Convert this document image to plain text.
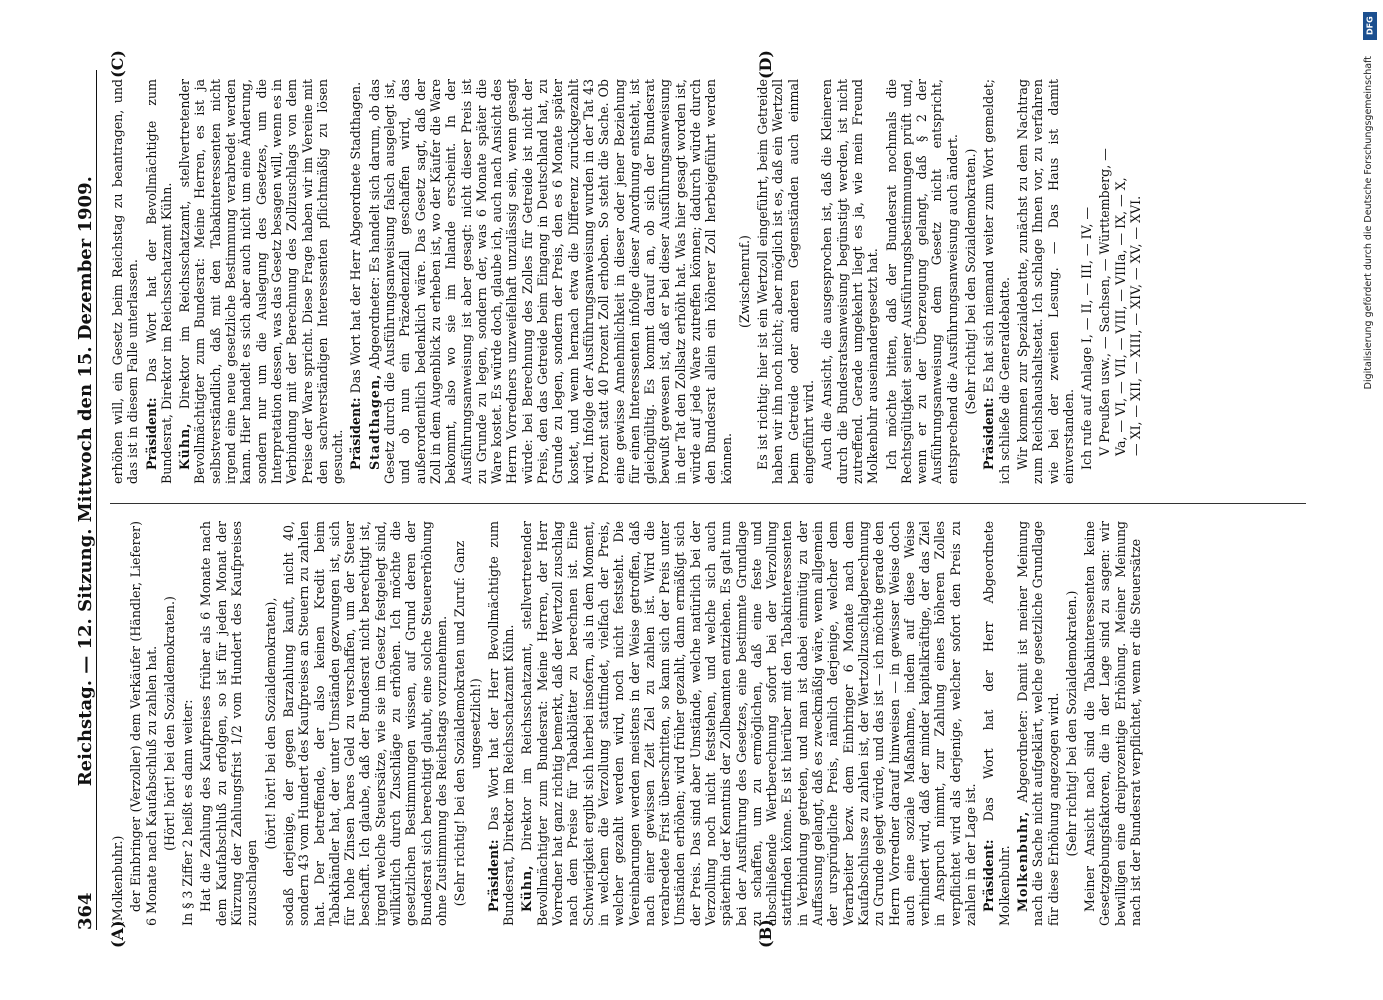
DFG
Digitalisierung gefördert durch die Deutsche Forschungsgemeinschaft
364
Reichstag. — 12. Sitzung. Mittwoch den 15. Dezember 1909.
(A)	(B)
(C)	(D)

(Molkenbuhr.) der Einbringer (Verzoller) dem Verkäufer (Händler, Lieferer) 6 Monate nach Kaufabschluß zu zahlen hat. (Hört! hört! bei den Sozialdemokraten.) In § 3 Ziffer 2 heißt es dann weiter: Hat die Zahlung des Kaufpreises früher als 6 Monate nach dem Kaufabschluß zu erfolgen, so ist für jeden Monat der Kürzung der Zahlungsfrist 1/2 vom Hundert des Kaufpreises zuzuschlagen

(hört! hört! bei den Sozialdemokraten), sodaß derjenige, der gegen Barzahlung kauft, nicht 40, sondern 43 vom Hundert des Kaufpreises an Steuern zu zahlen hat. Der betreffende, der also keinen Kredit beim Tabakhändler hat, der unter Umständen gezwungen ist, sich für hohe Zinsen bares Geld zu verschaffen, um der Steuer beschafft. Ich glaube, daß der Bundesrat nicht berechtigt ist, irgend welche Steuersätze, wie sie im Gesetz festgelegt sind, willkürlich durch Zuschläge zu erhöhen. Ich möchte die gesetzlichen Bestimmungen wissen, auf Grund deren der Bundesrat sich berechtigt glaubt, eine solche Steuererhöhung ohne Zustimmung des Reichstags vorzunehmen. (Sehr richtig! bei den Sozialdemokraten und Zuruf: Ganz ungesetzlich!)

Präsident: Das Wort hat der Herr Bevollmächtigte zum Bundesrat, Direktor im Reichsschatzamt Kühn. Kühn, Direktor im Reichsschatzamt, stellvertretender Bevollmächtigter zum Bundesrat: Meine Herren, der Herr Vorredner hat ganz richtig bemerkt, daß der Wertzoll zuschlag nach dem Preise für Tabakblätter zu berechnen ist. Eine Schwierigkeit ergibt sich hierbei insofern, als in dem Moment, in welchem die Verzollung stattfindet, vielfach der Preis, welcher gezahlt werden wird, noch nicht feststeht. Die Vereinbarungen werden meistens in der Weise getroffen, daß nach einer gewissen Zeit Ziel zu zahlen ist. Wird die verabredete Frist überschritten, so kann sich der Preis unter Umständen erhöhen; wird früher gezahlt, dann ermäßigt sich der Preis. Das sind aber Umstände, welche natürlich bei der Verzollung noch nicht feststehen, und welche sich auch späterhin der Kenntnis der Zollbeamten entziehen. Es galt nun bei der Ausführung des Gesetzes, eine bestimmte Grundlage zu schaffen, um zu ermöglichen, daß eine feste und abschließende Wertberechnung sofort bei der Verzollung stattfinden könne. Es ist hierüber mit den Tabakinteressenten in Verbindung getreten, und man ist dabei einmütig zu der Auffassung gelangt, daß es zweckmäßig wäre, wenn allgemein der ursprüngliche Preis, nämlich derjenige, welcher dem Verarbeiter bezw. dem Einbringer 6 Monate nach dem Kaufabschlusse zu zahlen ist, der Wertzollzuschlagberechnung zu Grunde gelegt würde, und das ist — ich möchte gerade den Herrn Vorredner darauf hinweisen — in gewisser Weise doch auch eine soziale Maßnahme, indem auf diese Weise verhindert wird, daß der minder kapitalkräftige, der das Ziel in Anspruch nimmt, zur Zahlung eines höheren Zolles verpflichtet wird als derjenige, welcher sofort den Preis zu zahlen in der Lage ist. Präsident: Das Wort hat der Herr Abgeordnete Molkenbuhr. Molkenbuhr, Abgeordneter: Damit ist meiner Meinung nach die Sache nicht aufgeklärt, welche gesetzliche Grundlage für diese Erhöhung angezogen wird. (Sehr richtig! bei den Sozialdemokraten.) Meiner Ansicht nach sind die Tabakinteressenten keine Gesetzgebungsfaktoren, die in der Lage sind zu sagen: wir bewilligen eine dreiprozentige Erhöhung. Meiner Meinung nach ist der Bundesrat verpflichtet, wenn er die Steuersätze

erhöhen will, ein Gesetz beim Reichstag zu beantragen, und das ist in diesem Falle unterlassen. Präsident: Das Wort hat der Bevollmächtigte zum Bundesrat, Direktor im Reichsschatzamt Kühn. Kühn, Direktor im Reichsschatzamt, stellvertretender Bevollmächtigter zum Bundesrat: Meine Herren, es ist ja selbstverständlich, daß mit den Tabakinteressenten nicht irgend eine neue gesetzliche Bestimmung verabredet werden kann. Hier handelt es sich aber auch nicht um eine Änderung, sondern nur um die Auslegung des Gesetzes, um die Interpretation dessen, was das Gesetz besagen will, wenn es in Verbindung mit der Berechnung des Zollzuschlags von dem Preise der Ware spricht. Diese Frage haben wir im Vereine mit den sachverständigen Interessenten pflichtmäßig zu lösen gesucht. Präsident: Das Wort hat der Herr Abgeordnete Stadthagen.

Stadthagen, Abgeordneter: Es handelt sich darum, ob das Gesetz durch die Ausführungsanweisung falsch ausgelegt ist, und ob nun ein Präzedenzfall geschaffen wird, das außerordentlich bedenklich wäre. Das Gesetz sagt, daß der Zoll in dem Augenblick zu erheben ist, wo der Käufer die Ware bekommt, also wo sie im Inlande erscheint. In der Ausführungsanweisung ist aber gesagt: nicht dieser Preis ist zu Grunde zu legen, sondern der, was 6 Monate später die Ware kostet. Es würde doch, glaube ich, auch nach Ansicht des Herrn Vorredners unzweifelhaft unzulässig sein, wenn gesagt würde: bei Berechnung des Zolles für Getreide ist nicht der Preis, den das Getreide beim Eingang in Deutschland hat, zu Grunde zu legen, sondern der Preis, den es 6 Monate später kostet, und wenn hernach etwa die Differenz zurückgezahlt wird. Infolge der Ausführungsanweisung wurden in der Tat 43 Prozent statt 40 Prozent Zoll erhoben. So steht die Sache. Ob eine gewisse Annehmlichkeit in dieser oder jener Beziehung für einen Interessenten infolge dieser Anordnung entsteht, ist gleichgültig. Es kommt darauf an, ob sich der Bundesrat bewußt gewesen ist, daß er bei dieser Ausführungsanweisung in der Tat den Zollsatz erhöht hat. Was hier gesagt worden ist, würde auf jede Ware zutreffen können; dadurch würde durch den Bundesrat allein ein höherer Zoll herbeigeführt werden können.

(Zwischenruf.) Es ist richtig: hier ist ein Wertzoll eingeführt, beim Getreide haben wir ihn noch nicht; aber möglich ist es, daß ein Wertzoll beim Getreide oder anderen Gegenständen auch einmal eingeführt wird. Auch die Ansicht, die ausgesprochen ist, daß die Kleineren durch die Bundesratsanweisung begünstigt werden, ist nicht zutreffend. Gerade umgekehrt liegt es ja, wie mein Freund Molkenbuhr auseinandergesetzt hat. Ich möchte bitten, daß der Bundesrat nochmals die Rechtsgültigkeit seiner Ausführungsbestimmungen prüft und, wenn er zu der Überzeugung gelangt, daß § 2 der Ausführungsanweisung dem Gesetz nicht entspricht, entsprechend die Ausführungsanweisung auch ändert. (Sehr richtig! bei den Sozialdemokraten.)

Präsident: Es hat sich niemand weiter zum Wort gemeldet; ich schließe die Generaldebatte. Wir kommen zur Spezialdebatte, zunächst zu dem Nachtrag zum Reichshaushaltsetat. Ich schlage Ihnen vor, zu verfahren wie bei der zweiten Lesung. — Das Haus ist damit einverstanden. Ich rufe auf Anlage I, — II, — III, — IV, — V Preußen usw., — Sachsen, — Württemberg, — Va, — VI, — VII, — VIII, — VIIIa, — IX, — X, — XI, — XII, — XIII, — XIV, — XV, — XVI.
